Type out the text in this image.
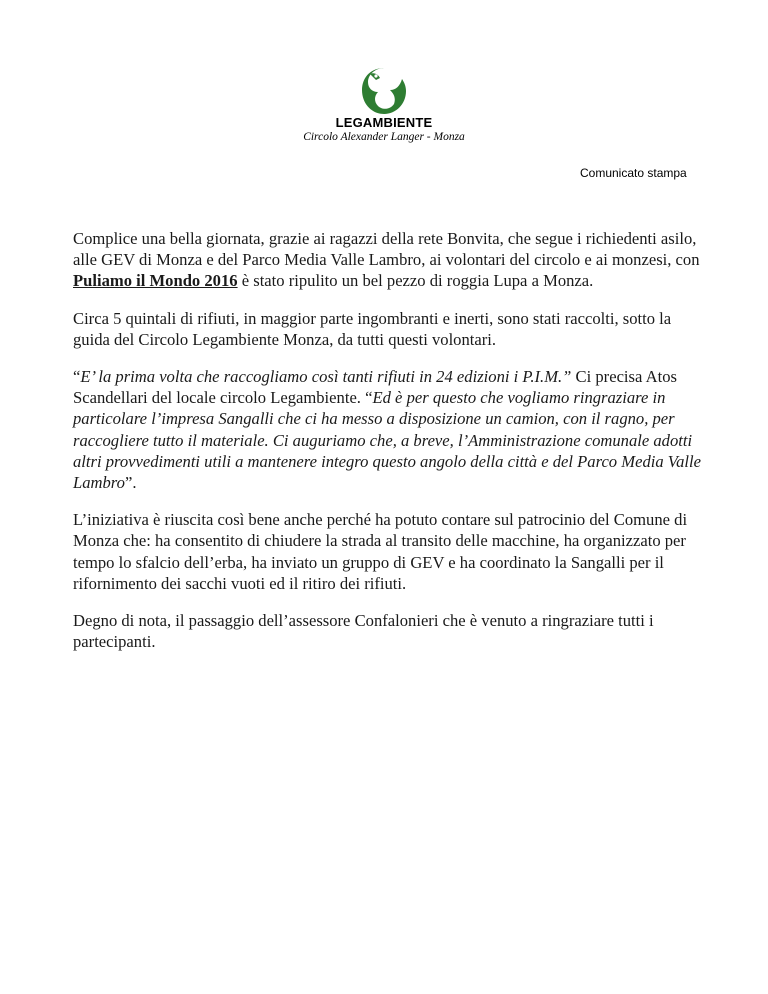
LEGAMBIENTE
Circolo Alexander Langer - Monza
Comunicato stampa

Complice una bella giornata, grazie ai ragazzi della rete Bonvita, che segue i richiedenti asilo, alle GEV di Monza e del Parco Media Valle Lambro, ai volontari del circolo e ai monzesi, con Puliamo il Mondo 2016 è stato ripulito un bel pezzo di roggia Lupa a Monza.

Circa 5 quintali di rifiuti, in maggior parte ingombranti e inerti, sono stati raccolti, sotto la guida del Circolo Legambiente Monza, da tutti questi volontari.

“E’ la prima volta che raccogliamo così tanti rifiuti in 24 edizioni i P.I.M.” Ci precisa Atos Scandellari del locale circolo Legambiente. “Ed è per questo che vogliamo ringraziare in particolare l’impresa Sangalli che ci ha messo a disposizione un camion, con il ragno, per raccogliere tutto il materiale. Ci auguriamo che, a breve, l’Amministrazione comunale adotti altri provvedimenti utili a mantenere integro questo angolo della città e del Parco Media Valle Lambro”.

L’iniziativa è riuscita così bene anche perché ha potuto contare sul patrocinio del Comune di Monza che: ha consentito di chiudere la strada al transito delle macchine, ha organizzato per tempo lo sfalcio dell’erba, ha inviato un gruppo di GEV e ha coordinato la Sangalli per il rifornimento dei sacchi vuoti ed il ritiro dei rifiuti.

Degno di nota, il passaggio dell’assessore Confalonieri che è venuto a ringraziare tutti i partecipanti.
